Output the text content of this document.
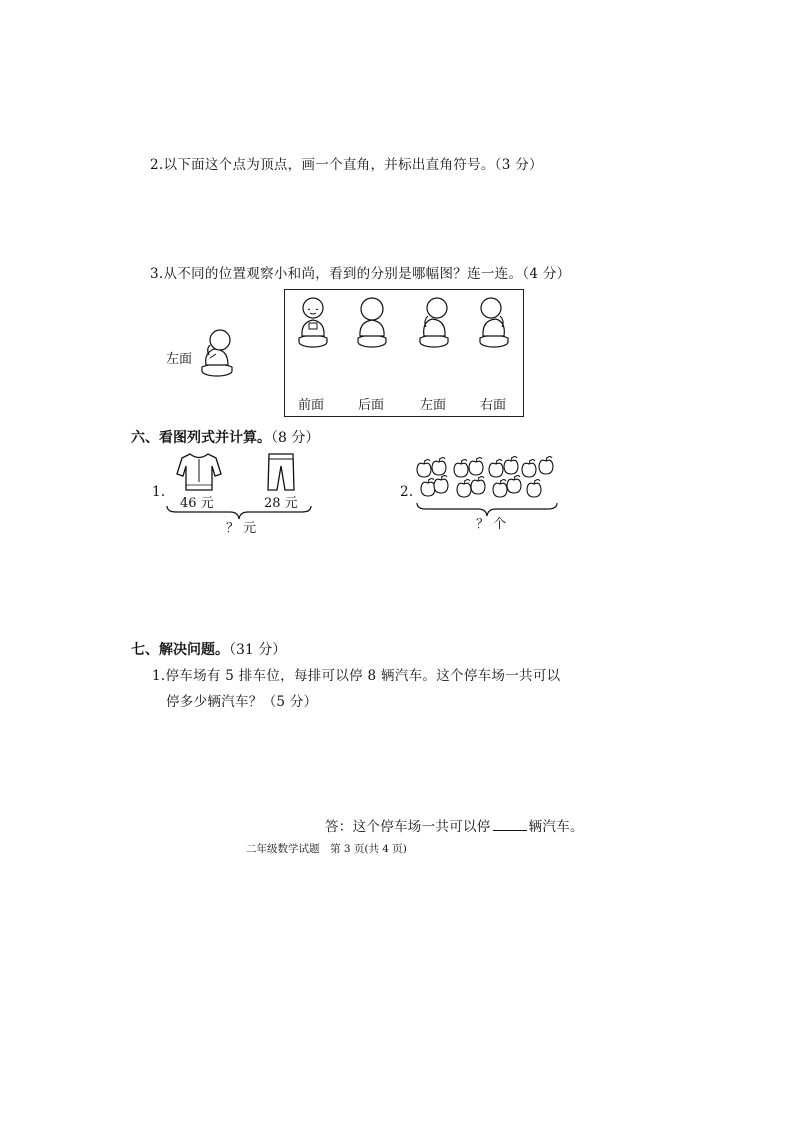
2.以下面这个点为顶点，画一个直角，并标出直角符号。（3 分）
3.从不同的位置观察小和尚，看到的分别是哪幅图？连一连。（4 分）
左面
前面	后面	左面	右面
六、看图列式并计算。（8 分）
1.
46 元	28 元
？ 元
2.
？ 个
七、解决问题。（31 分）
1.停车场有 5 排车位，每排可以停 8 辆汽车。这个停车场一共可以
停多少辆汽车？（5 分）
答：这个停车场一共可以停	辆汽车。
二年级数学试题　第 3 页(共 4 页)
